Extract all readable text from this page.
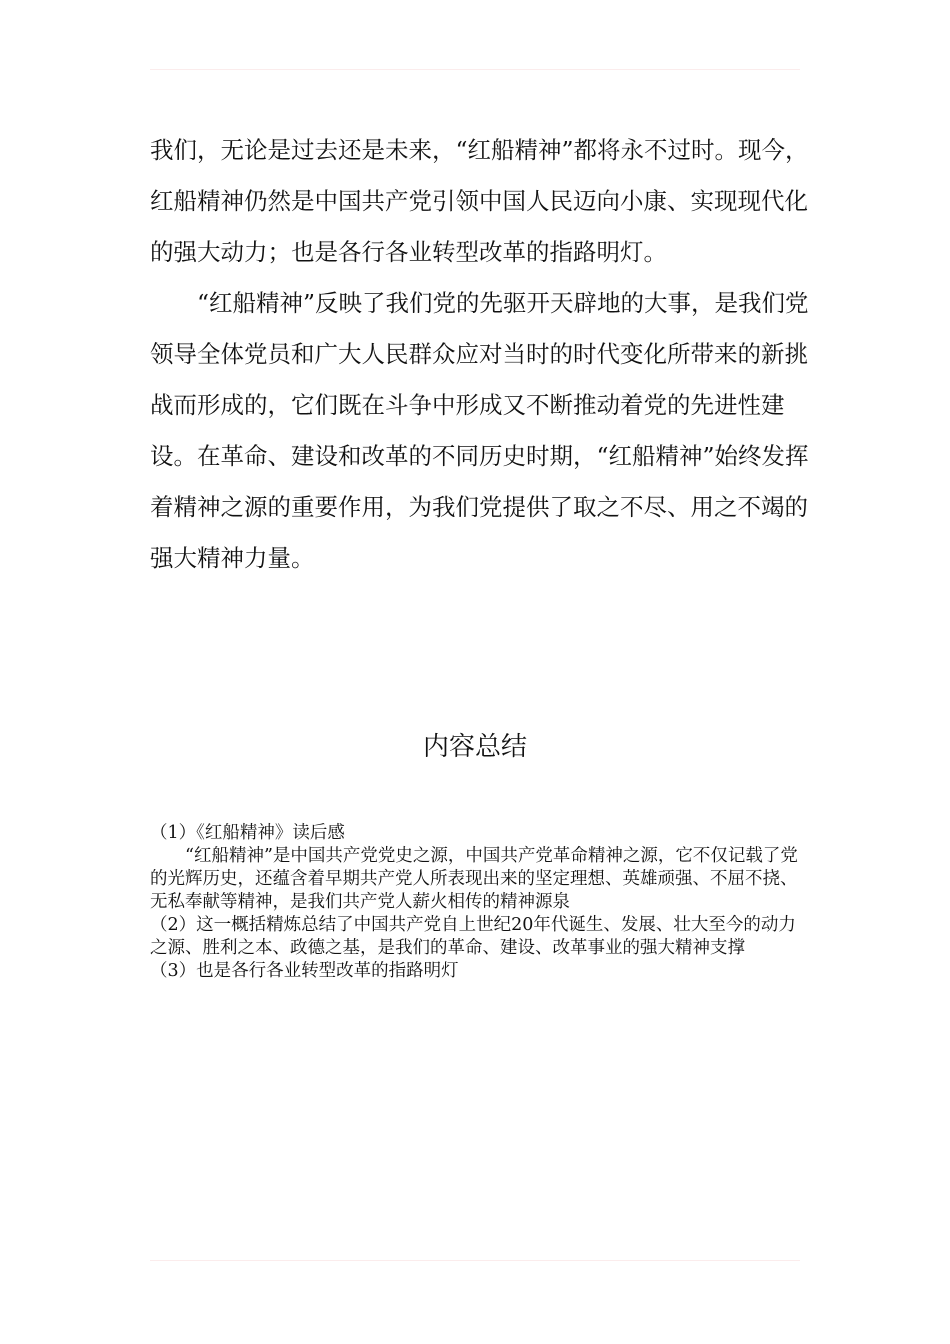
我们，无论是过去还是未来，“红船精神”都将永不过时。现今，红船精神仍然是中国共产党引领中国人民迈向小康、实现现代化的强大动力；也是各行各业转型改革的指路明灯。

“红船精神”反映了我们党的先驱开天辟地的大事，是我们党领导全体党员和广大人民群众应对当时的时代变化所带来的新挑战而形成的，它们既在斗争中形成又不断推动着党的先进性建设。在革命、建设和改革的不同历史时期，“红船精神”始终发挥着精神之源的重要作用，为我们党提供了取之不尽、用之不竭的强大精神力量。

内容总结

（1）《红船精神》读后感

“红船精神”是中国共产党党史之源，中国共产党革命精神之源，它不仅记载了党的光辉历史，还蕴含着早期共产党人所表现出来的坚定理想、英雄顽强、不屈不挠、无私奉献等精神，是我们共产党人薪火相传的精神源泉

（2）这一概括精炼总结了中国共产党自上世纪20年代诞生、发展、壮大至今的动力之源、胜利之本、政德之基，是我们的革命、建设、改革事业的强大精神支撑

（3）也是各行各业转型改革的指路明灯
